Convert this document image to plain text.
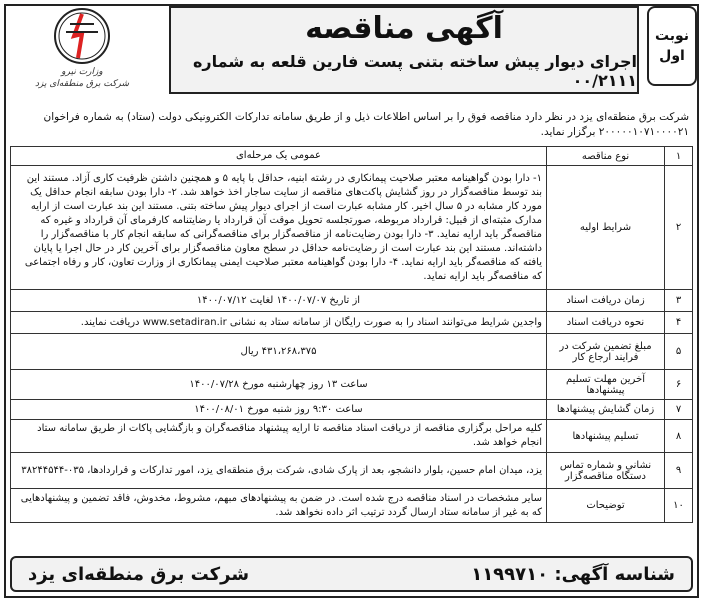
نوبت
اول
آگهی مناقصه
اجرای دیوار پیش ساخته بتنی پست فارین قلعه به شماره ۰۰/۲۱۱۱
وزارت نیرو
شرکت برق منطقه‌ای یزد
شرکت برق منطقه‌ای یزد در نظر دارد مناقصه فوق را بر اساس اطلاعات ذیل و از طریق سامانه تدارکات الکترونیکی دولت (ستاد) به شماره فراخوان ۲۰۰۰۰۰۱۰۷۱۰۰۰۰۲۱ برگزار نماید.
۱	نوع مناقصه	عمومی یک مرحله‌ای
۲	شرایط اولیه	۱- دارا بودن گواهینامه معتبر صلاحیت پیمانکاری در رشته ابنیه، حداقل با پایه ۵ و همچنین داشتن ظرفیت کاری آزاد. مستند این بند توسط مناقصه‌گزار در روز گشایش پاکت‌های مناقصه از سایت ساجار اخذ خواهد شد. ۲- دارا بودن سابقه انجام حداقل یک مورد کار مشابه در ۵ سال اخیر. کار مشابه عبارت است از اجرای دیوار پیش ساخته بتنی. مستند این بند عبارت است از ارایه مدارک مثبته‌ای از قبیل: قرارداد مربوطه، صورتجلسه تحویل موقت آن قرارداد یا رضایتنامه کارفرمای آن قرارداد و غیره که مناقصه‌گر باید ارایه نماید. ۳- دارا بودن رضایت‌نامه از مناقصه‌گزار برای مناقصه‌گرانی که سابقه انجام کار با مناقصه‌گزار را داشته‌اند. مستند این بند عبارت است از رضایت‌نامه حداقل در سطح معاون مناقصه‌گزار برای آخرین کار در حال اجرا یا پایان یافته که مناقصه‌گر باید ارایه نماید. ۴- دارا بودن گواهینامه معتبر صلاحیت ایمنی پیمانکاری از وزارت تعاون، کار و رفاه اجتماعی که مناقصه‌گر باید ارایه نماید.
۳	زمان دریافت اسناد	از تاریخ ۱۴۰۰/۰۷/۰۷ لغایت ۱۴۰۰/۰۷/۱۲
۴	نحوه دریافت اسناد	واجدین شرایط می‌توانند اسناد را به صورت رایگان از سامانه ستاد به نشانی www.setadiran.ir دریافت نمایند.
۵	مبلغ تضمین شرکت در فرایند ارجاع کار	۴۳۱،۲۶۸،۳۷۵ ریال
۶	آخرین مهلت تسلیم پیشنهادها	ساعت ۱۳ روز چهارشنبه مورخ ۱۴۰۰/۰۷/۲۸
۷	زمان گشایش پیشنهادها	ساعت ۹:۳۰ روز شنبه مورخ ۱۴۰۰/۰۸/۰۱
۸	تسلیم پیشنهادها	کلیه مراحل برگزاری مناقصه از دریافت اسناد مناقصه تا ارایه پیشنهاد مناقصه‌گران و بازگشایی پاکات از طریق سامانه ستاد انجام خواهد شد.
۹	نشانی و شماره تماس دستگاه مناقصه‌گزار	یزد، میدان امام حسین، بلوار دانشجو، بعد از پارک شادی، شرکت برق منطقه‌ای یزد، امور تدارکات و قراردادها، ۰۳۵-۳۸۲۴۴۵۴۴
۱۰	توضیحات	سایر مشخصات در اسناد مناقصه درج شده است. در ضمن به پیشنهادهای مبهم، مشروط، مخدوش، فاقد تضمین و پیشنهادهایی که به غیر از سامانه ستاد ارسال گردد ترتیب اثر داده نخواهد شد.
شناسه آگهی: ۱۱۹۹۷۱۰
شرکت برق منطقه‌ای یزد
